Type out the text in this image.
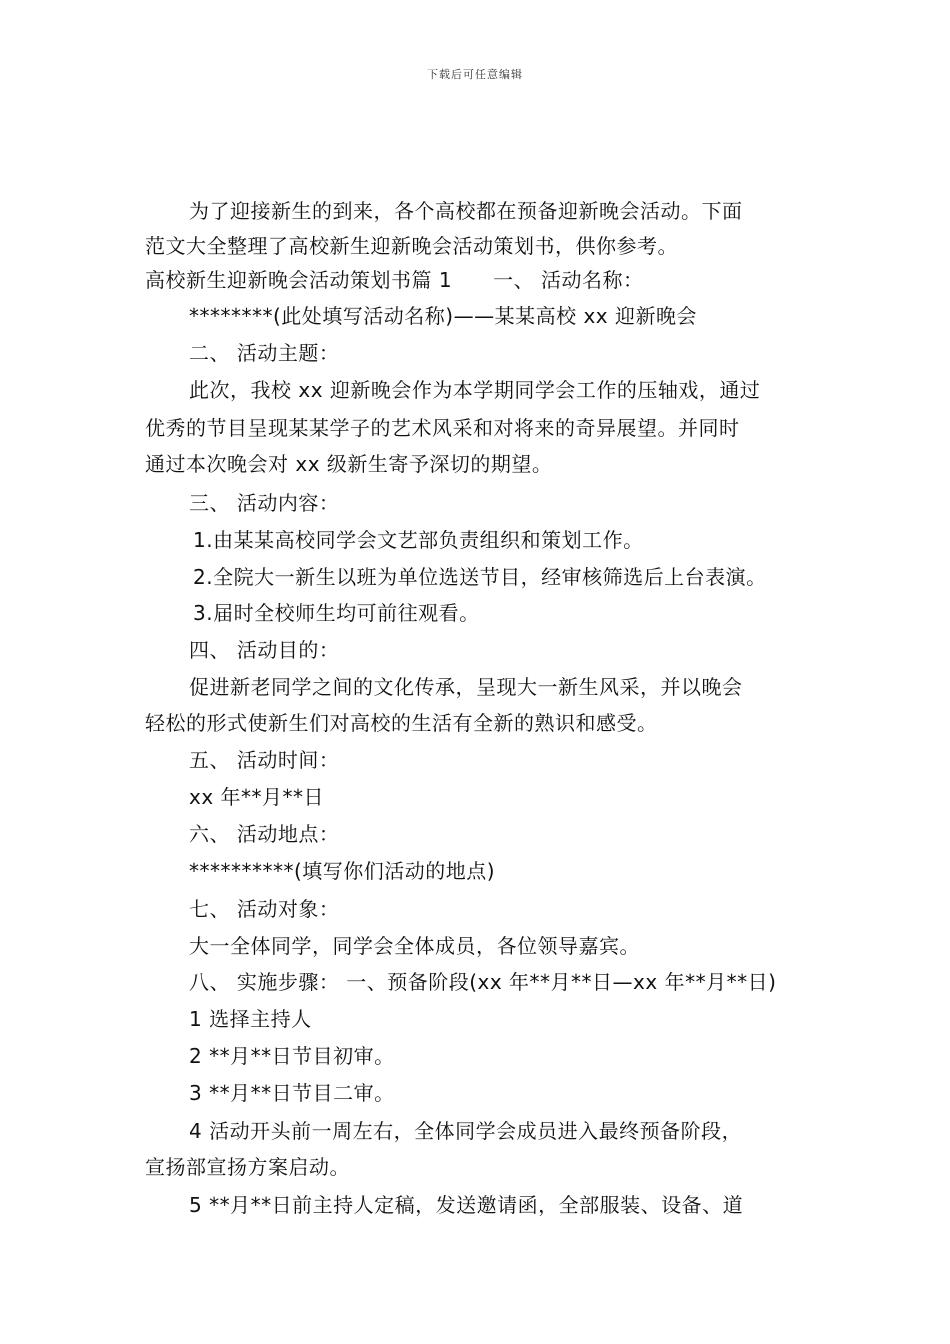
下载后可任意编辑
为了迎接新生的到来，各个高校都在预备迎新晚会活动。下面
范文大全整理了高校新生迎新晚会活动策划书，供你参考。
高校新生迎新晚会活动策划书篇 1　　一、 活动名称：
********(此处填写活动名称)——某某高校 xx 迎新晚会
二、 活动主题：
此次，我校 xx 迎新晚会作为本学期同学会工作的压轴戏，通过
优秀的节目呈现某某学子的艺术风采和对将来的奇异展望。并同时
通过本次晚会对 xx 级新生寄予深切的期望。
三、 活动内容：
1.由某某高校同学会文艺部负责组织和策划工作。
2.全院大一新生以班为单位选送节目，经审核筛选后上台表演。
3.届时全校师生均可前往观看。
四、 活动目的：
促进新老同学之间的文化传承，呈现大一新生风采，并以晚会
轻松的形式使新生们对高校的生活有全新的熟识和感受。
五、 活动时间：
xx 年**月**日
六、 活动地点：
**********(填写你们活动的地点)
七、 活动对象：
大一全体同学，同学会全体成员，各位领导嘉宾。
八、 实施步骤： 一、预备阶段(xx 年**月**日—xx 年**月**日)
1 选择主持人
2 **月**日节目初审。
3 **月**日节目二审。
4 活动开头前一周左右，全体同学会成员进入最终预备阶段，
宣扬部宣扬方案启动。
5 **月**日前主持人定稿，发送邀请函，全部服装、设备、道
